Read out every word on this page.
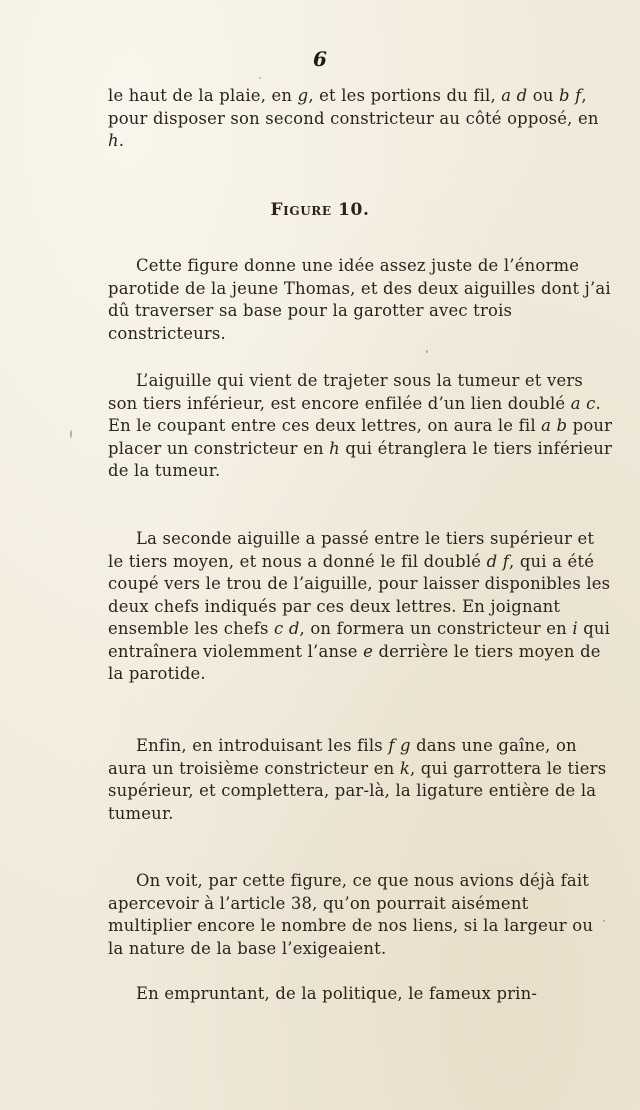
6
le haut de la plaie, en g, et les portions du fil, a d ou b f, pour disposer son second constricteur au côté opposé, en h.
Figure 10.
Cette figure donne une idée assez juste de l’énorme parotide de la jeune Thomas, et des deux aiguilles dont j’ai dû traverser sa base pour la garotter avec trois constricteurs.
L’aiguille qui vient de trajeter sous la tumeur et vers son tiers inférieur, est encore enfilée d’un lien doublé a c. En le coupant entre ces deux lettres, on aura le fil a b pour placer un constricteur en h qui étranglera le tiers inférieur de la tumeur.
La seconde aiguille a passé entre le tiers supérieur et le tiers moyen, et nous a donné le fil doublé d f, qui a été coupé vers le trou de l’aiguille, pour laisser disponibles les deux chefs indiqués par ces deux lettres. En joignant ensemble les chefs c d, on formera un constricteur en i qui entraînera violemment l’anse e derrière le tiers moyen de la parotide.
Enfin, en introduisant les fils f g dans une gaîne, on aura un troisième constricteur en k, qui garrottera le tiers supérieur, et complettera, par-là, la ligature entière de la tumeur.
On voit, par cette figure, ce que nous avions déjà fait apercevoir à l’article 38, qu’on pourrait aisément multiplier encore le nombre de nos liens, si la largeur ou la nature de la base l’exigeaient.
En empruntant, de la politique, le fameux prin-
